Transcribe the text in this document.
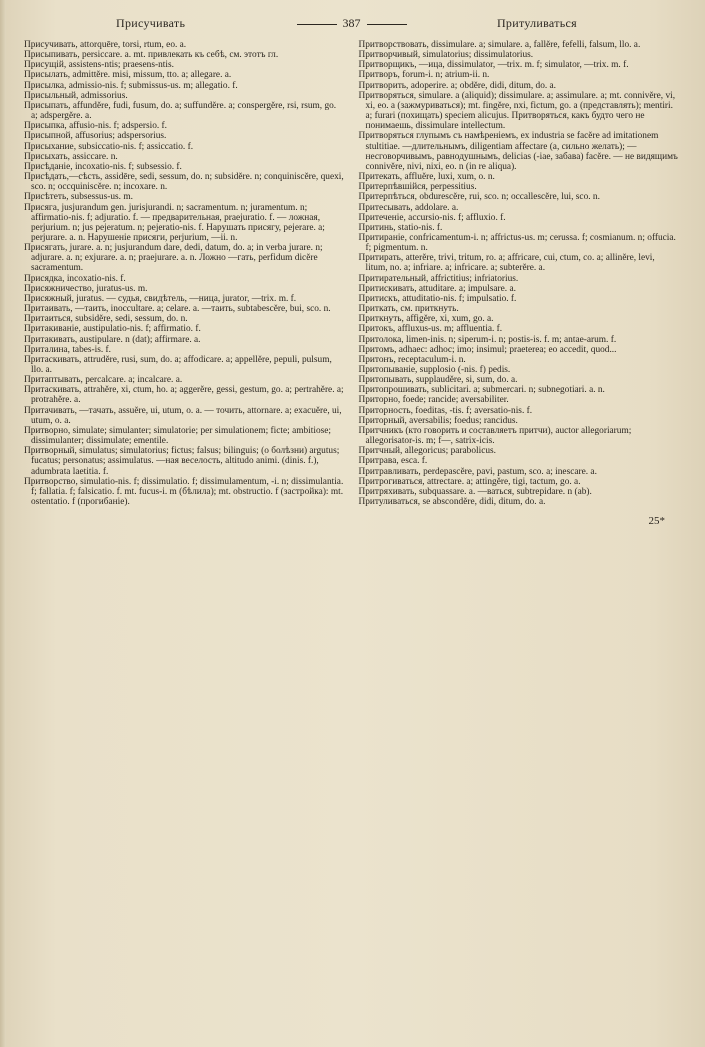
Присучивать	387	Притуливаться

Присучивать, attorquēre, torsi, rtum, eo. a.

Присыпивать, persiccare. a. mt. привлекать къ себѣ, см. этотъ гл.

Присущій, assistens-ntis; praesens-ntis.

Присылать, admittĕre. misi, missum, tto. a; allegare. a.

Присылка, admissio-nis. f; submissus-us. m; allegatio. f.

Присыльный, admissorius.

Присыпать, affundĕre, fudi, fusum, do. a; suffundĕre. a; conspergĕre, rsi, rsum, go. a; adspergĕre. a.

Присыпка, affusio-nis. f; adspersio. f.

Присыпной, affusorius; adspersorius.

Присыхание, subsiccatio-nis. f; assiccatio. f.

Присыхать, assiccare. n.

Присѣданіе, incoxatio-nis. f; subsessio. f.

Присѣдать,—сѣсть, assidēre, sedi, sessum, do. n; subsidĕre. n; conquiniscĕre, quexi, sco. n; occquiniscĕre. n; incoxare. n.

Присѣтеть, subsessus-us. m.

Присяга, jusjurandum gen. jurisjurandi. n; sacramentum. n; juramentum. n; affirmatio-nis. f; adjuratio. f. — предварительная, praejuratio. f. — ложная, perjurium. n; jus pejeratum. n; pejeratio-nis. f. Нарушать присягу, pejerare. a; perjurare. a. n. Нарушеніе присяги, perjurium, —ii. n.

Присягать, jurare. a. n; jusjurandum dare, dedi, datum, do. a; in verba jurare. n; adjurare. a. n; exjurare. a. n; praejurare. a. n. Ложно —гать, perfidum dicĕre sacramentum.

Присядка, incoxatio-nis. f.

Присяжничество, juratus-us. m.

Присяжный, juratus. — судья, свидѣтель, —ница, jurator, —trix. m. f.

Притаивать, —таить, inoccultare. a; celare. a. —таить, subtabescĕre, bui, sco. n.

Притаиться, subsidĕre, sedi, sessum, do. n.

Притакиваніе, austipulatio-nis. f; affirmatio. f.

Притакивать, austipulare. n (dat); affirmare. a.

Приталина, tabes-is. f.

Притаскивать, attrudĕre, rusi, sum, do. a; affodicare. a; appellĕre, pepuli, pulsum, llo. a.

Притаптывать, percalcare. a; incalcare. a.

Притаскивать, attrahĕre, xi, ctum, ho. a; aggerĕre, gessi, gestum, go. a; pertrahĕre. a; protrahĕre. a.

Притачивать, —тачать, assuĕre, ui, utum, o. a. — точить, attornare. a; exacuĕre, ui, utum, o. a.

Притворно, simulate; simulanter; simulatorie; per simulationem; ficte; ambitiose; dissimulanter; dissimulate; ementile.

Притворный, simulatus; simulatorius; fictus; falsus; bilinguis; (о болѣзни) argutus; fucatus; personatus; assimulatus. —ная веселость, altitudo animi. (dinis. f.), adumbrata laetitia. f.

Притворство, simulatio-nis. f; dissimulatio. f; dissimulamentum, -i. n; dissimulantia. f; fallatia. f; falsicatio. f. mt. fucus-i. m (бѣлила); mt. obstructio. f (застройка): mt. ostentatio. f (прогибаніе).

Притворствовать, dissimulare. a; simulare. a, fallĕre, fefelli, falsum, llo. a.

Притворчивый, simulatorius; dissimulatorius.

Притворщикъ, —ица, dissimulator, —trix. m. f; simulator, —trix. m. f.

Притворъ, forum-i. n; atrium-ii. n.

Притворить, adoperire. a; obdĕre, didi, ditum, do. a.

Притворяться, simulare. a (aliquid); dissimulare. a; assimulare. a; mt. connivĕre, vi, xi, eo. a (зажмуриваться); mt. fingĕre, nxi, fictum, go. a (представлять); mentiri. a; furari (похищать) speciem alicujus. Притворяться, какъ будто чего не понимаешь, dissimulare intellectum.

Притворяться глупымъ съ намѣреніемъ, ex industria se facĕre ad imitationem stultitiae. —длительнымъ, diligentiam affectare (а, сильно желать); — несговорчивымъ, равнодушнымъ, delicias (-iae, забава) facĕre. — не видящимъ connivĕre, nivi, nixi, eo. n (in re aliqua).

Притекать, affluĕre, luxi, xum, o. n.

Притерпѣвшійся, perpessitius.

Притерпѣться, obdurescĕre, rui, sco. n; occallescĕre, lui, sco. n.

Притесывать, addolare. a.

Притеченіе, accursio-nis. f; affluxio. f.

Притинь, statio-nis. f.

Притираніе, confricamentum-i. n; affrictus-us. m; cerussa. f; cosmianum. n; offucia. f; pigmentum. n.

Притирать, atterĕre, trivi, tritum, ro. a; affricare, cui, ctum, co. a; allinĕre, levi, litum, no. a; infriare. a; infricare. a; subterĕre. a.

Притирательный, affrictitius; infriatorius.

Притискивать, attuditare. a; impulsare. a.

Притискъ, attuditatio-nis. f; impulsatio. f.

Приткать, см. приткнуть.

Приткнуть, affigĕre, xi, xum, go. a.

Притокъ, affluxus-us. m; affluentia. f.

Притолока, limen-inis. n; siperum-i. n; postis-is. f. m; antae-arum. f.

Притомъ, adhaec: adhoc; imo; insimul; praeterea; eo accedit, quod...

Притонъ, receptaculum-i. n.

Притопываніе, supplosio (-nis. f) pedis.

Притопывать, supplaudĕre, si, sum, do. a.

Притопрошивать, sublicitari. a; submercari. n; subnegotiari. a. n.

Приторно, foede; rancide; aversabiliter.

Приторность, foeditas, -tis. f; aversatio-nis. f.

Приторный, aversabilis; foedus; rancidus.

Притчникъ (кто говорить и составляетъ притчи), auctor allegoriarum; allegorisator-is. m; f—, satrix-icis.

Притчный, allegoricus; parabolicus.

Притрава, esca. f.

Притравливать, perdepascĕre, pavi, pastum, sco. a; inescare. a.

Притрогиваться, attrectare. a; attingĕre, tigi, tactum, go. a.

Притряхивать, subquassare. a. —ваться, subtrepidare. n (ab).

Притуливаться, se abscondĕre, didi, ditum, do. a.

25*
